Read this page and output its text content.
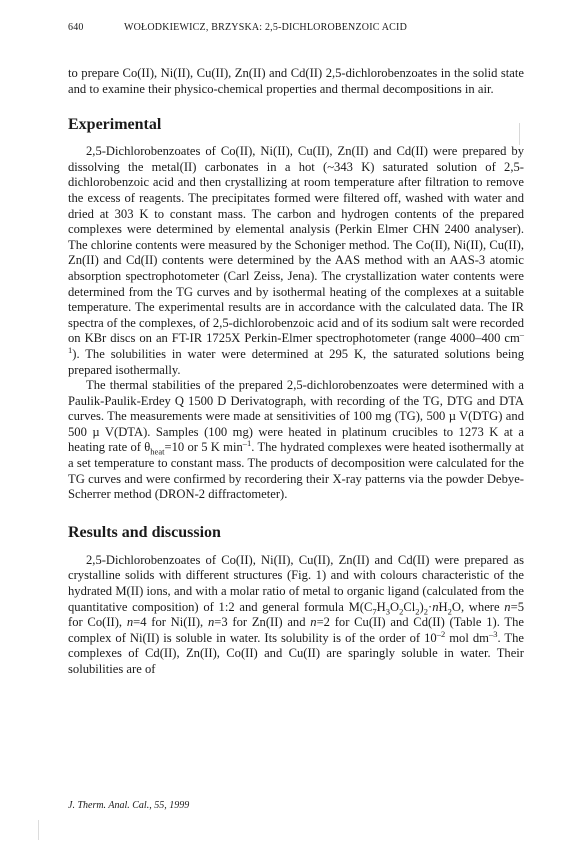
640	WOŁODKIEWICZ, BRZYSKA: 2,5-DICHLOROBENZOIC ACID

to prepare Co(II), Ni(II), Cu(II), Zn(II) and Cd(II) 2,5-dichlorobenzoates in the solid state and to examine their physico-chemical properties and thermal decompositions in air.

Experimental

2,5-Dichlorobenzoates of Co(II), Ni(II), Cu(II), Zn(II) and Cd(II) were prepared by dissolving the metal(II) carbonates in a hot (~343 K) saturated solution of 2,5-dichlorobenzoic acid and then crystallizing at room temperature after filtration to remove the excess of reagents. The precipitates formed were filtered off, washed with water and dried at 303 K to constant mass. The carbon and hydrogen contents of the prepared complexes were determined by elemental analysis (Perkin Elmer CHN 2400 analyser). The chlorine contents were measured by the Schoniger method. The Co(II), Ni(II), Cu(II), Zn(II) and Cd(II) contents were determined by the AAS method with an AAS-3 atomic absorption spectrophotometer (Carl Zeiss, Jena). The crystallization water contents were determined from the TG curves and by isothermal heating of the complexes at a suitable temperature. The experimental results are in accordance with the calculated data. The IR spectra of the complexes, of 2,5-dichlorobenzoic acid and of its sodium salt were recorded on KBr discs on an FT-IR 1725X Perkin-Elmer spectrophotometer (range 4000–400 $cm^{-1}$). The solubilities in water were determined at 295 K, the saturated solutions being prepared isothermally.

The thermal stabilities of the prepared 2,5-dichlorobenzoates were determined with a Paulik-Paulik-Erdey Q 1500 D Derivatograph, with recording of the TG, DTG and DTA curves. The measurements were made at sensitivities of 100 mg (TG), 500 µ V(DTG) and 500 µ V(DTA). Samples (100 mg) were heated in platinum crucibles to 1273 K at a heating rate of $\theta_{heat}=10$ or 5 K $\min^{-1}$. The hydrated complexes were heated isothermally at a set temperature to constant mass. The products of decomposition were calculated for the TG curves and were confirmed by recordering their X-ray patterns via the powder Debye-Scherrer method (DRON-2 diffractometer).

Results and discussion

2,5-Dichlorobenzoates of Co(II), Ni(II), Cu(II), Zn(II) and Cd(II) were prepared as crystalline solids with different structures (Fig. 1) and with colours characteristic of the hydrated M(II) ions, and with a molar ratio of metal to organic ligand (calculated from the quantitative composition) of 1:2 and general formula $M(C_7H_3O_2Cl_2)_2\cdot nH_2O$, where n=5 for Co(II), n=4 for Ni(II), n=3 for Zn(II) and n=2 for Cu(II) and Cd(II) (Table 1). The complex of Ni(II) is soluble in water. Its solubility is of the order of $10^{-2}$ mol $dm^{-3}$. The complexes of Cd(II), Zn(II), Co(II) and Cu(II) are sparingly soluble in water. Their solubilities are of

J. Therm. Anal. Cal., 55, 1999
